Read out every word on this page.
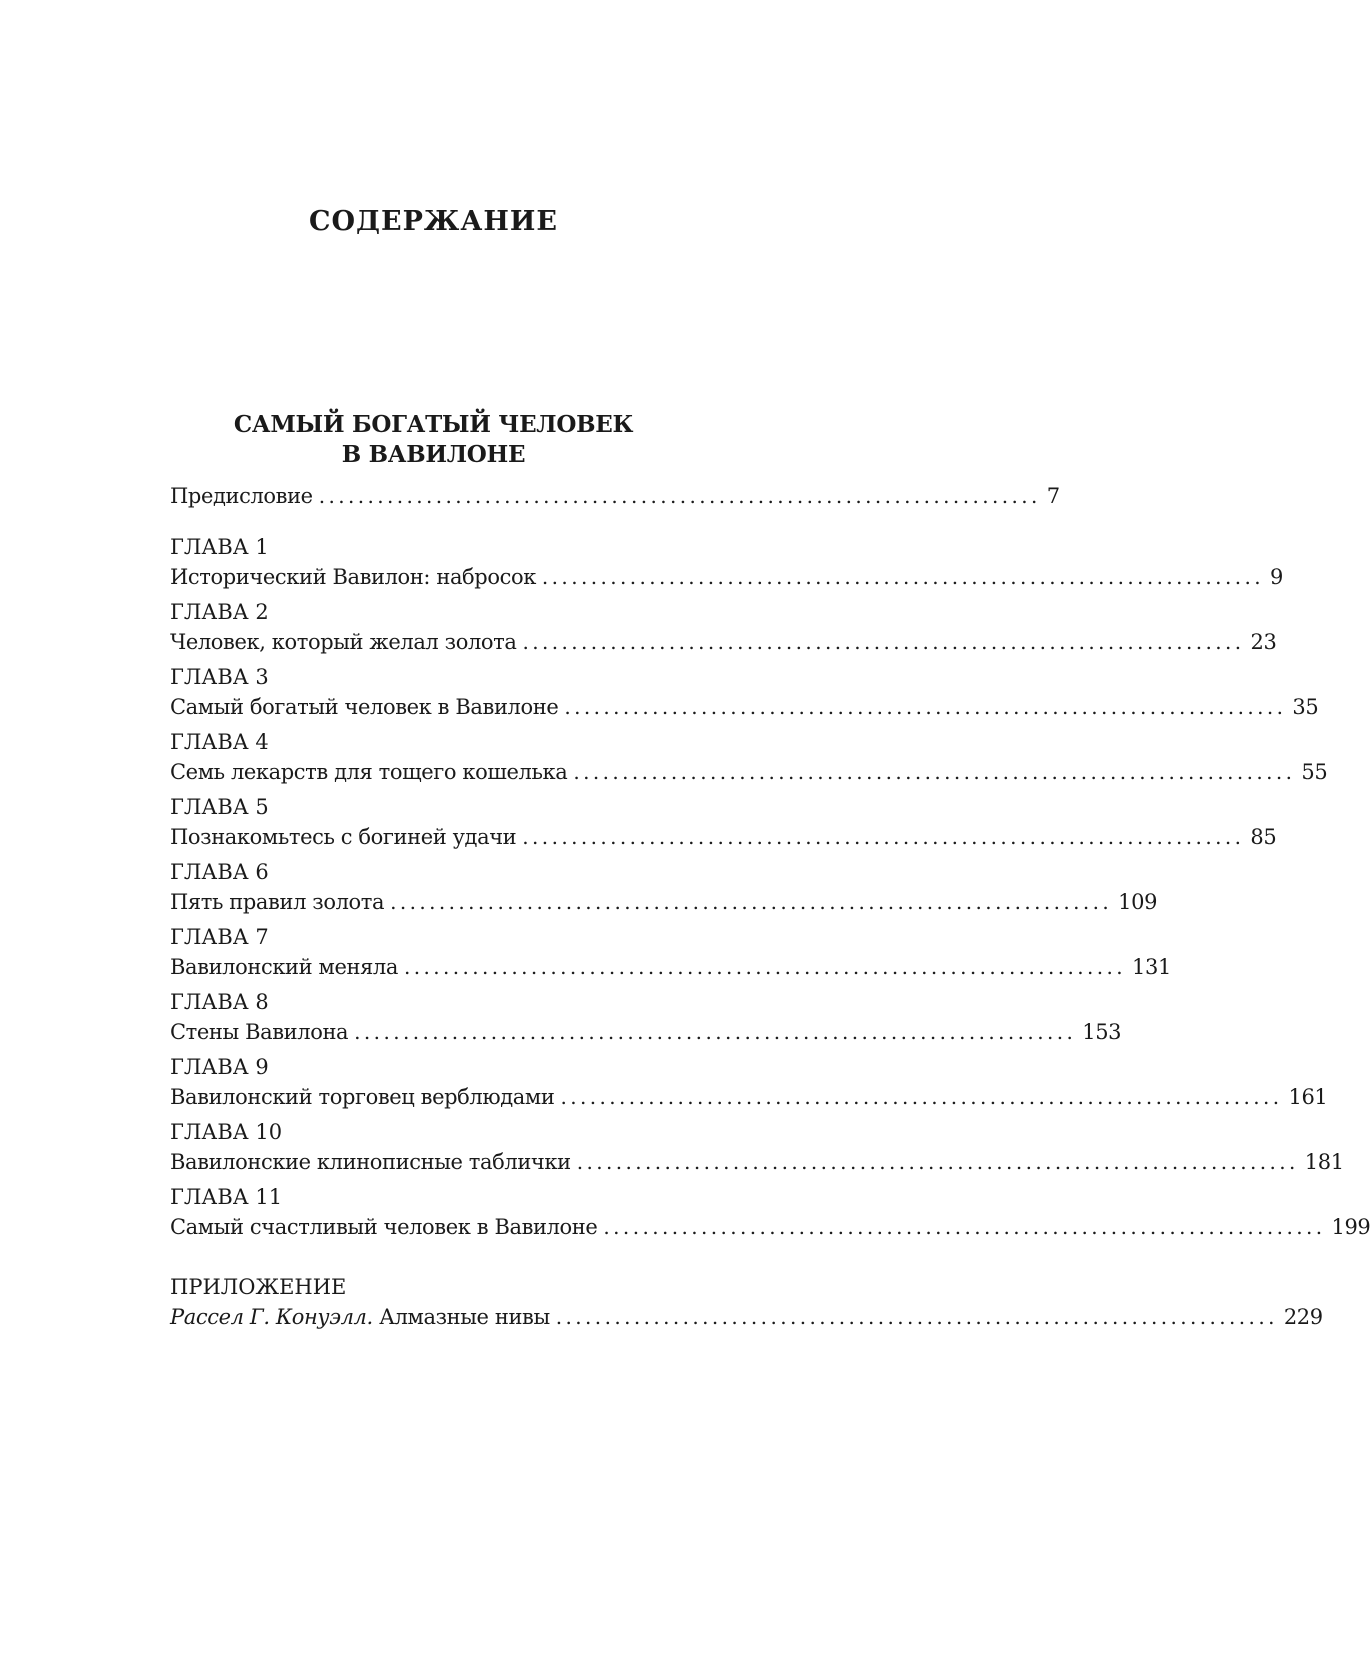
СОДЕРЖАНИЕ
САМЫЙ БОГАТЫЙ ЧЕЛОВЕК
В ВАВИЛОНЕ
Предисловие .......................................................................... 7
ГЛАВА 1
Исторический Вавилон: набросок .......................................................................... 9
ГЛАВА 2
Человек, который желал золота .......................................................................... 23
ГЛАВА 3
Самый богатый человек в Вавилоне .......................................................................... 35
ГЛАВА 4
Семь лекарств для тощего кошелька .......................................................................... 55
ГЛАВА 5
Познакомьтесь с богиней удачи .......................................................................... 85
ГЛАВА 6
Пять правил золота .......................................................................... 109
ГЛАВА 7
Вавилонский меняла .......................................................................... 131
ГЛАВА 8
Стены Вавилона .......................................................................... 153
ГЛАВА 9
Вавилонский торговец верблюдами .......................................................................... 161
ГЛАВА 10
Вавилонские клинописные таблички .......................................................................... 181
ГЛАВА 11
Самый счастливый человек в Вавилоне .......................................................................... 199
ПРИЛОЖЕНИЕ
Рассел Г. Конуэлл. Алмазные нивы .......................................................................... 229
